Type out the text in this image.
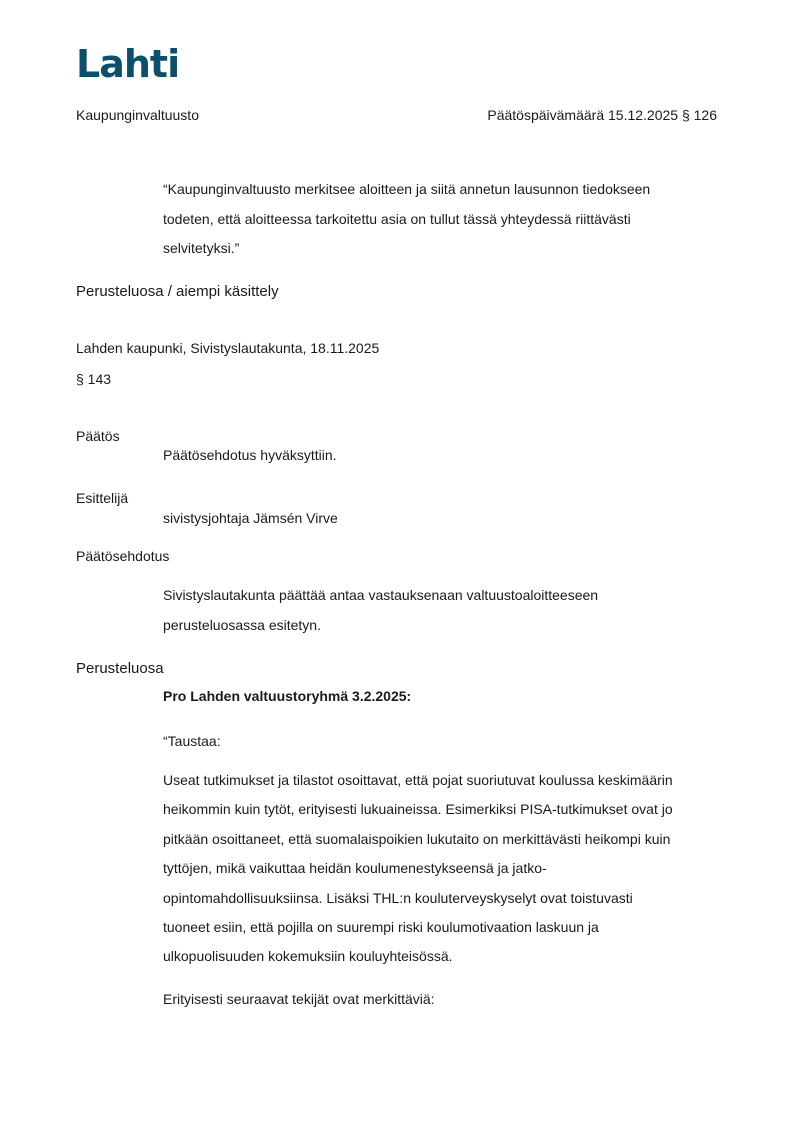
Lahti
Kaupunginvaltuusto	Päätöspäivämäärä 15.12.2025 § 126
“Kaupunginvaltuusto merkitsee aloitteen ja siitä annetun lausunnon tiedokseen
todeten, että aloitteessa tarkoitettu asia on tullut tässä yhteydessä riittävästi
selvitetyksi.”
Perusteluosa / aiempi käsittely
Lahden kaupunki, Sivistyslautakunta, 18.11.2025
§ 143
Päätös
Päätösehdotus hyväksyttiin.
Esittelijä
sivistysjohtaja Jämsén Virve
Päätösehdotus
Sivistyslautakunta päättää antaa vastauksenaan valtuustoaloitteeseen
perusteluosassa esitetyn.
Perusteluosa
Pro Lahden valtuustoryhmä 3.2.2025:
“Taustaa:
Useat tutkimukset ja tilastot osoittavat, että pojat suoriutuvat koulussa keskimäärin
heikommin kuin tytöt, erityisesti lukuaineissa. Esimerkiksi PISA-tutkimukset ovat jo
pitkään osoittaneet, että suomalaispoikien lukutaito on merkittävästi heikompi kuin
tyttöjen, mikä vaikuttaa heidän koulumenestykseensä ja jatko-
opintomahdollisuuksiinsa. Lisäksi THL:n kouluterveyskyselyt ovat toistuvasti
tuoneet esiin, että pojilla on suurempi riski koulumotivaation laskuun ja
ulkopuolisuuden kokemuksiin kouluyhteisössä.
Erityisesti seuraavat tekijät ovat merkittäviä:
